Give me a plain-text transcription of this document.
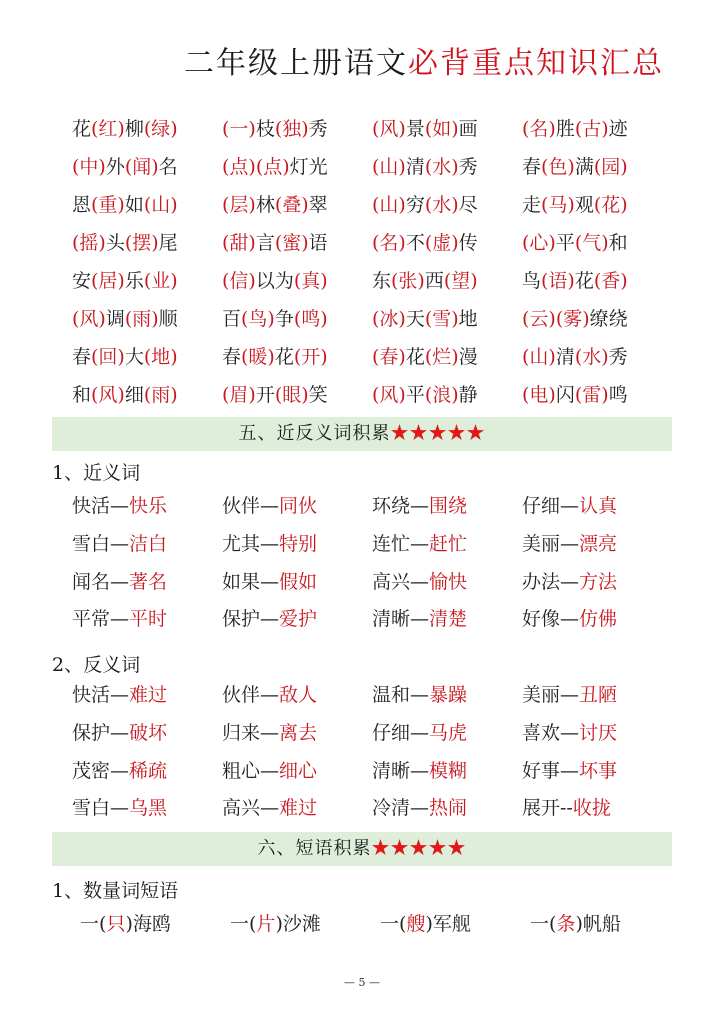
二年级上册语文必背重点知识汇总
花(红)柳(绿)	(一)枝(独)秀	(风)景(如)画	(名)胜(古)迹
(中)外(闻)名	(点)(点)灯光	(山)清(水)秀	春(色)满(园)
恩(重)如(山)	(层)林(叠)翠	(山)穷(水)尽	走(马)观(花)
(摇)头(摆)尾	(甜)言(蜜)语	(名)不(虚)传	(心)平(气)和
安(居)乐(业)	(信)以为(真)	东(张)西(望)	鸟(语)花(香)
(风)调(雨)顺	百(鸟)争(鸣)	(冰)天(雪)地	(云)(雾)缭绕
春(回)大(地)	春(暖)花(开)	(春)花(烂)漫	(山)清(水)秀
和(风)细(雨)	(眉)开(眼)笑	(风)平(浪)静	(电)闪(雷)鸣
五、近反义词积累★★★★★
1、近义词
快活—快乐	伙伴—同伙	环绕—围绕	仔细—认真
雪白—洁白	尤其—特别	连忙—赶忙	美丽—漂亮
闻名—著名	如果—假如	高兴—愉快	办法—方法
平常—平时	保护—爱护	清晰—清楚	好像—仿佛
2、反义词
快活—难过	伙伴—敌人	温和—暴躁	美丽—丑陋
保护—破坏	归来—离去	仔细—马虎	喜欢—讨厌
茂密—稀疏	粗心—细心	清晰—模糊	好事—坏事
雪白—乌黑	高兴—难过	冷清—热闹	展开--收拢
六、短语积累★★★★★
1、数量词短语
一(只)海鸥	一(片)沙滩	一(艘)军舰	一(条)帆船
— 5 —
